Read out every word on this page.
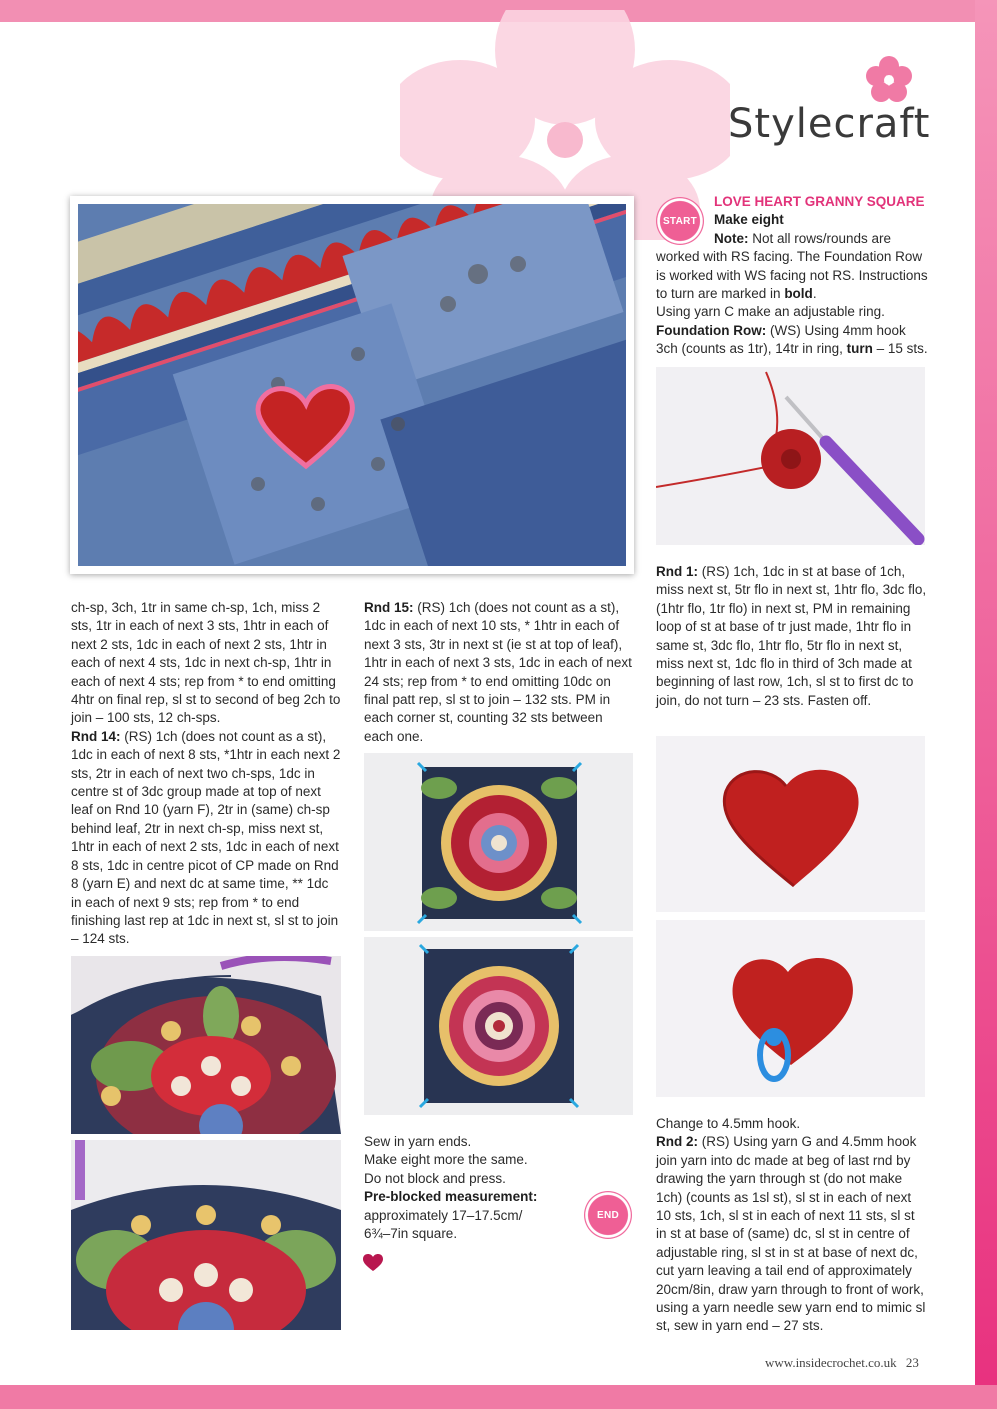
Stylecraft

ch-sp, 3ch, 1tr in same ch-sp, 1ch, miss 2 sts, 1tr in each of next 3 sts, 1htr in each of next 2 sts, 1dc in each of next 2 sts, 1htr in each of next 4 sts, 1dc in next ch-sp, 1htr in each of next 4 sts; rep from * to end omitting 4htr on final rep, sl st to second of beg 2ch to join – 100 sts, 12 ch-sps.

Rnd 14: (RS) 1ch (does not count as a st), 1dc in each of next 8 sts, *1htr in each next 2 sts, 2tr in each of next two ch-sps, 1dc in centre st of 3dc group made at top of next leaf on Rnd 10 (yarn F), 2tr in (same) ch-sp behind leaf, 2tr in next ch-sp, miss next st, 1htr in each of next 2 sts, 1dc in each of next 8 sts, 1dc in centre picot of CP made on Rnd 8 (yarn E) and next dc at same time, ** 1dc in each of next 9 sts; rep from * to end finishing last rep at 1dc in next st, sl st to join – 124 sts.

Rnd 15: (RS) 1ch (does not count as a st), 1dc in each of next 10 sts, * 1htr in each of next 3 sts, 3tr in next st (ie st at top of leaf), 1htr in each of next 3 sts, 1dc in each of next 24 sts; rep from * to end omitting 10dc on final patt rep, sl st to join – 132 sts. PM in each corner st, counting 32 sts between each one.

Sew in yarn ends.

Make eight more the same.

Do not block and press.

Pre-blocked measurement:

approximately 17–17.5cm/ 6¾–7in square.

END
START

LOVE HEART GRANNY SQUARE

Make eight

Note: Not all rows/rounds are worked with RS facing. The Foundation Row is worked with WS facing not RS. Instructions to turn are marked in bold.

Using yarn C make an adjustable ring.

Foundation Row: (WS) Using 4mm hook 3ch (counts as 1tr), 14tr in ring, turn – 15 sts.

Rnd 1: (RS) 1ch, 1dc in st at base of 1ch, miss next st, 5tr flo in next st, 1htr flo, 3dc flo, (1htr flo, 1tr flo) in next st, PM in remaining loop of st at base of tr just made, 1htr flo in same st, 3dc flo, 1htr flo, 5tr flo in next st, miss next st, 1dc flo in third of 3ch made at beginning of last row, 1ch, sl st to first dc to join, do not turn – 23 sts. Fasten off.

Change to 4.5mm hook.

Rnd 2: (RS) Using yarn G and 4.5mm hook join yarn into dc made at beg of last rnd by drawing the yarn through st (do not make 1ch) (counts as 1sl st), sl st in each of next 10 sts, 1ch, sl st in each of next 11 sts, sl st in st at base of (same) dc, sl st in centre of adjustable ring, sl st in st at base of next dc, cut yarn leaving a tail end of approximately 20cm/8in, draw yarn through to front of work, using a yarn needle sew yarn end to mimic sl st, sew in yarn end – 27 sts.

www.insidecrochet.co.uk 23
